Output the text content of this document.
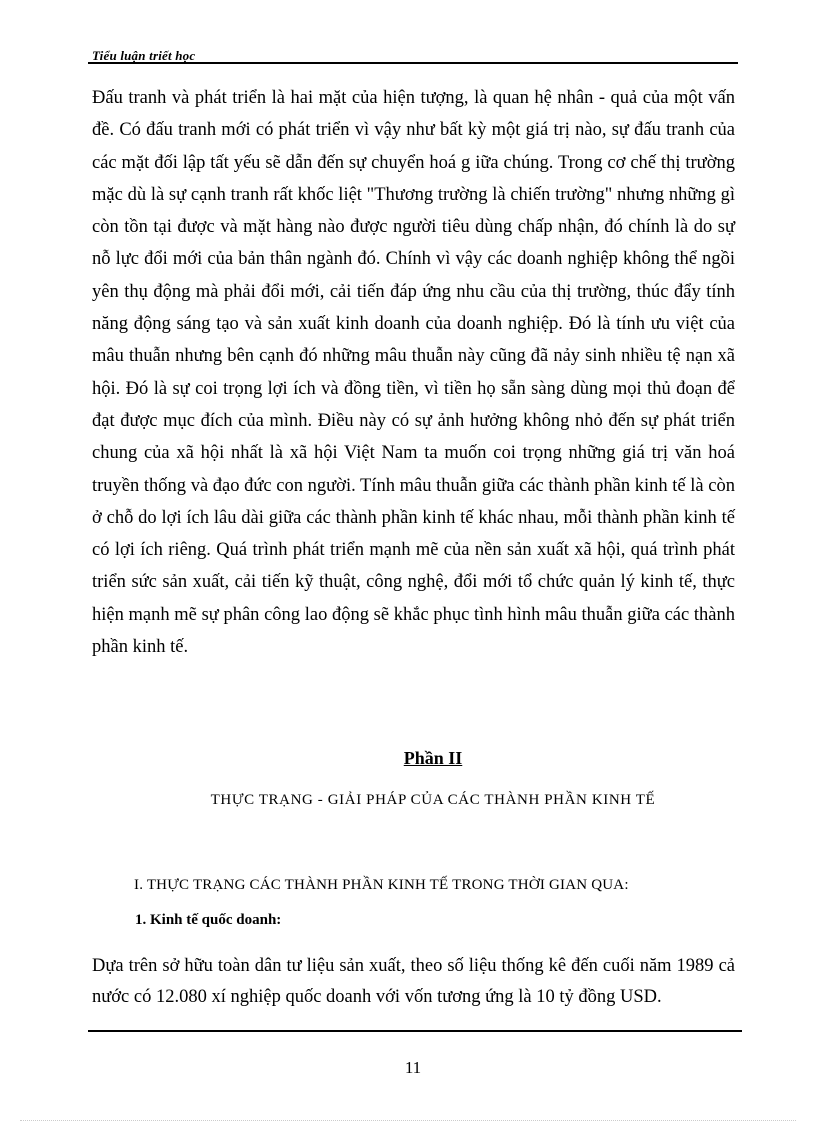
Tiểu luận triết học

Đấu tranh và phát triển là hai mặt của hiện tượng, là quan hệ nhân - quả của một vấn đề. Có đấu tranh mới có phát triển vì vậy như bất kỳ một giá trị nào, sự đấu tranh của các mặt đối lập tất yếu sẽ dẫn đến sự chuyển hoá g iữa chúng. Trong cơ chế thị trường mặc dù là sự cạnh tranh rất khốc liệt "Thương trường là chiến trường" nhưng những gì còn tồn tại được và mặt hàng nào được người tiêu dùng chấp nhận, đó chính là do sự nỗ lực đổi mới của bản thân ngành đó. Chính vì vậy các doanh nghiệp không thể ngồi yên thụ động mà phải đổi mới, cải tiến đáp ứng nhu cầu của thị trường, thúc đẩy tính năng động sáng tạo và sản xuất kinh doanh của doanh nghiệp. Đó là tính ưu việt của mâu thuẫn nhưng bên cạnh đó những mâu thuẫn này cũng đã nảy sinh nhiều tệ nạn xã hội. Đó là sự coi trọng lợi ích và đồng tiền, vì tiền họ sẵn sàng dùng mọi thủ đoạn để đạt được mục đích của mình. Điều này có sự ảnh hưởng không nhỏ đến sự phát triển chung của xã hội nhất là xã hội Việt Nam ta muốn coi trọng những giá trị văn hoá truyền thống và đạo đức con người. Tính mâu thuẫn giữa các thành phần kinh tế là còn ở chỗ do lợi ích lâu dài giữa các thành phần kinh tế khác nhau, mỗi thành phần kinh tế có lợi ích riêng. Quá trình phát triển mạnh mẽ của nền sản xuất xã hội, quá trình phát triển sức sản xuất, cải tiến kỹ thuật, công nghệ, đổi mới tổ chức quản lý kinh tế, thực hiện mạnh mẽ sự phân công lao động sẽ khắc phục tình hình mâu thuẫn giữa các thành phần kinh tế.

Phần II
THỰC TRẠNG - GIẢI PHÁP CỦA CÁC THÀNH PHẦN KINH TẾ
I. THỰC TRẠNG CÁC THÀNH PHẦN KINH TẾ TRONG THỜI GIAN QUA:
1. Kinh tế quốc doanh:

Dựa trên sở hữu toàn dân tư liệu sản xuất, theo số liệu thống kê đến cuối năm 1989 cả nước có 12.080 xí nghiệp quốc doanh với vốn tương ứng là 10 tỷ đồng USD.

11
